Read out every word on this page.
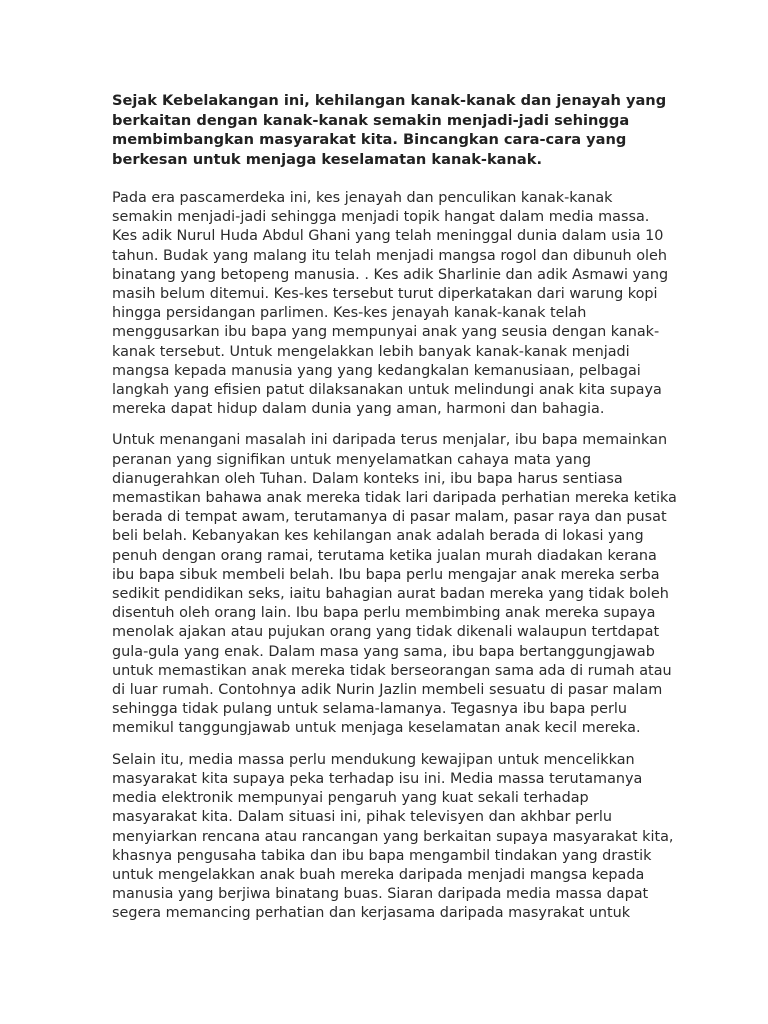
Sejak Kebelakangan ini, kehilangan kanak-kanak dan jenayah yang
berkaitan dengan kanak-kanak semakin menjadi-jadi sehingga
membimbangkan masyarakat kita. Bincangkan cara-cara yang
berkesan untuk menjaga keselamatan kanak-kanak.
Pada era pascamerdeka ini, kes jenayah dan penculikan kanak-kanak
semakin menjadi-jadi sehingga menjadi topik hangat dalam media massa.
Kes adik Nurul Huda Abdul Ghani yang telah meninggal dunia dalam usia 10
tahun. Budak yang malang itu telah menjadi mangsa rogol dan dibunuh oleh
binatang yang betopeng manusia. . Kes adik Sharlinie dan adik Asmawi yang
masih belum ditemui. Kes-kes tersebut turut diperkatakan dari warung kopi
hingga persidangan parlimen. Kes-kes jenayah kanak-kanak telah
menggusarkan ibu bapa yang mempunyai anak yang seusia dengan kanak-
kanak tersebut. Untuk mengelakkan lebih banyak kanak-kanak menjadi
mangsa kepada manusia yang yang kedangkalan kemanusiaan, pelbagai
langkah yang efisien patut dilaksanakan untuk melindungi anak kita supaya
mereka dapat hidup dalam dunia yang aman, harmoni dan bahagia.
Untuk menangani masalah ini daripada terus menjalar, ibu bapa memainkan
peranan yang signifikan untuk menyelamatkan cahaya mata yang
dianugerahkan oleh Tuhan. Dalam konteks ini, ibu bapa harus sentiasa
memastikan bahawa anak mereka tidak lari daripada perhatian mereka ketika
berada di tempat awam, terutamanya di pasar malam, pasar raya dan pusat
beli belah. Kebanyakan kes kehilangan anak adalah berada di lokasi yang
penuh dengan orang ramai, terutama ketika jualan murah diadakan kerana
ibu bapa sibuk membeli belah. Ibu bapa perlu mengajar anak mereka serba
sedikit pendidikan seks, iaitu bahagian aurat badan mereka yang tidak boleh
disentuh oleh orang lain. Ibu bapa perlu membimbing anak mereka supaya
menolak ajakan atau pujukan orang yang tidak dikenali walaupun tertdapat
gula-gula yang enak. Dalam masa yang sama, ibu bapa bertanggungjawab
untuk memastikan anak mereka tidak berseorangan sama ada di rumah atau
di luar rumah. Contohnya adik Nurin Jazlin membeli sesuatu di pasar malam
sehingga tidak pulang untuk selama-lamanya. Tegasnya ibu bapa perlu
memikul tanggungjawab untuk menjaga keselamatan anak kecil mereka.
Selain itu, media massa perlu mendukung kewajipan untuk mencelikkan
masyarakat kita supaya peka terhadap isu ini. Media massa terutamanya
media elektronik mempunyai pengaruh yang kuat sekali terhadap
masyarakat kita. Dalam situasi ini, pihak televisyen dan akhbar perlu
menyiarkan rencana atau rancangan yang berkaitan supaya masyarakat kita,
khasnya pengusaha tabika dan ibu bapa mengambil tindakan yang drastik
untuk mengelakkan anak buah mereka daripada menjadi mangsa kepada
manusia yang berjiwa binatang buas. Siaran daripada media massa dapat
segera memancing perhatian dan kerjasama daripada masyrakat untuk
